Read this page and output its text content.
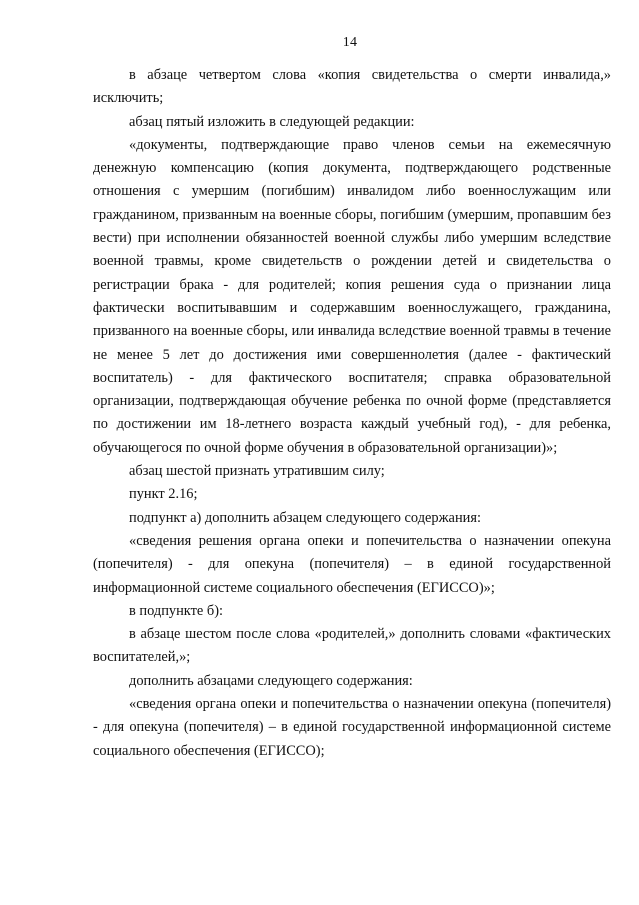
14

в абзаце четвертом слова «копия свидетельства о смерти инвалида,» исключить;

абзац пятый изложить в следующей редакции:

«документы, подтверждающие право членов семьи на ежемесячную денежную компенсацию (копия документа, подтверждающего родственные отношения с умершим (погибшим) инвалидом либо военнослужащим или гражданином, призванным на военные сборы, погибшим (умершим, пропавшим без вести) при исполнении обязанностей военной службы либо умершим вследствие военной травмы, кроме свидетельств о рождении детей и свидетельства о регистрации брака - для родителей; копия решения суда о признании лица фактически воспитывавшим и содержавшим военнослужащего, гражданина, призванного на военные сборы, или инвалида вследствие военной травмы в течение не менее 5 лет до достижения ими совершеннолетия (далее - фактический воспитатель) - для фактического воспитателя; справка образовательной организации, подтверждающая обучение ребенка по очной форме (представляется по достижении им 18-летнего возраста каждый учебный год), - для ребенка, обучающегося по очной форме обучения в образовательной организации)»;

абзац шестой признать утратившим силу;

пункт 2.16;

подпункт а) дополнить абзацем следующего содержания:

«сведения решения органа опеки и попечительства о назначении опекуна (попечителя) - для опекуна (попечителя) – в единой государственной информационной системе социального обеспечения (ЕГИССО)»;

в подпункте б):

в абзаце шестом после слова «родителей,» дополнить словами «фактических воспитателей,»;

дополнить абзацами следующего содержания:

«сведения органа опеки и попечительства о назначении опекуна (попечителя) - для опекуна (попечителя) – в единой государственной информационной системе социального обеспечения (ЕГИССО);
